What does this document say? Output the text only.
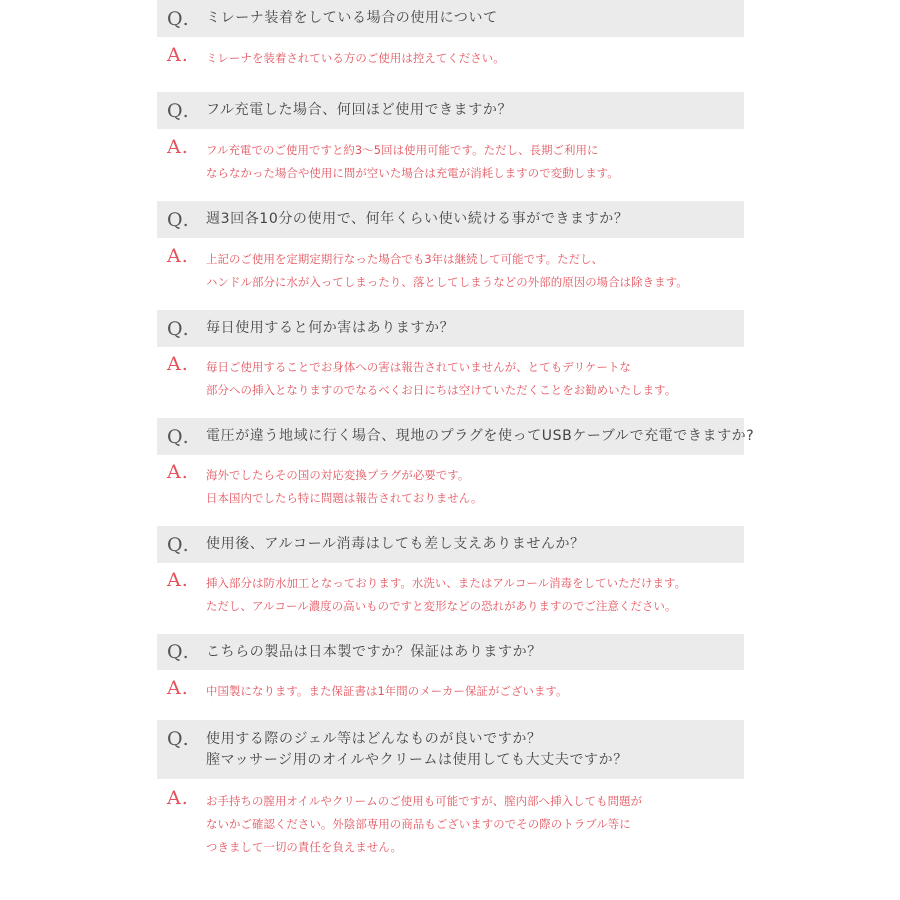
Q. ミレーナ装着をしている場合の使用について
A. ミレーナを装着されている方のご使用は控えてください。
Q. フル充電した場合、何回ほど使用できますか？
A. フル充電でのご使用ですと約3～5回は使用可能です。ただし、長期ご利用に
ならなかった場合や使用に間が空いた場合は充電が消耗しますので変動します。
Q. 週3回各10分の使用で、何年くらい使い続ける事ができますか？
A. 上記のご使用を定期定期行なった場合でも3年は継続して可能です。ただし、
ハンドル部分に水が入ってしまったり、落としてしまうなどの外部的原因の場合は除きます。
Q. 毎日使用すると何か害はありますか？
A. 毎日ご使用することでお身体への害は報告されていませんが、とてもデリケートな
部分への挿入となりますのでなるべくお日にちは空けていただくことをお勧めいたします。
Q. 電圧が違う地域に行く場合、現地のプラグを使ってUSBケーブルで充電できますか?
A. 海外でしたらその国の対応変換プラグが必要です。
日本国内でしたら特に問題は報告されておりません。
Q. 使用後、アルコール消毒はしても差し支えありませんか？
A. 挿入部分は防水加工となっております。水洗い、またはアルコール消毒をしていただけます。
ただし、アルコール濃度の高いものですと変形などの恐れがありますのでご注意ください。
Q. こちらの製品は日本製ですか？保証はありますか？
A. 中国製になります。また保証書は1年間のメーカー保証がございます。
Q. 使用する際のジェル等はどんなものが良いですか？
膣マッサージ用のオイルやクリームは使用しても大丈夫ですか？
A. お手持ちの膣用オイルやクリームのご使用も可能ですが、膣内部へ挿入しても問題が
ないかご確認ください。外陰部専用の商品もございますのでその際のトラブル等に
つきまして一切の責任を負えません。
